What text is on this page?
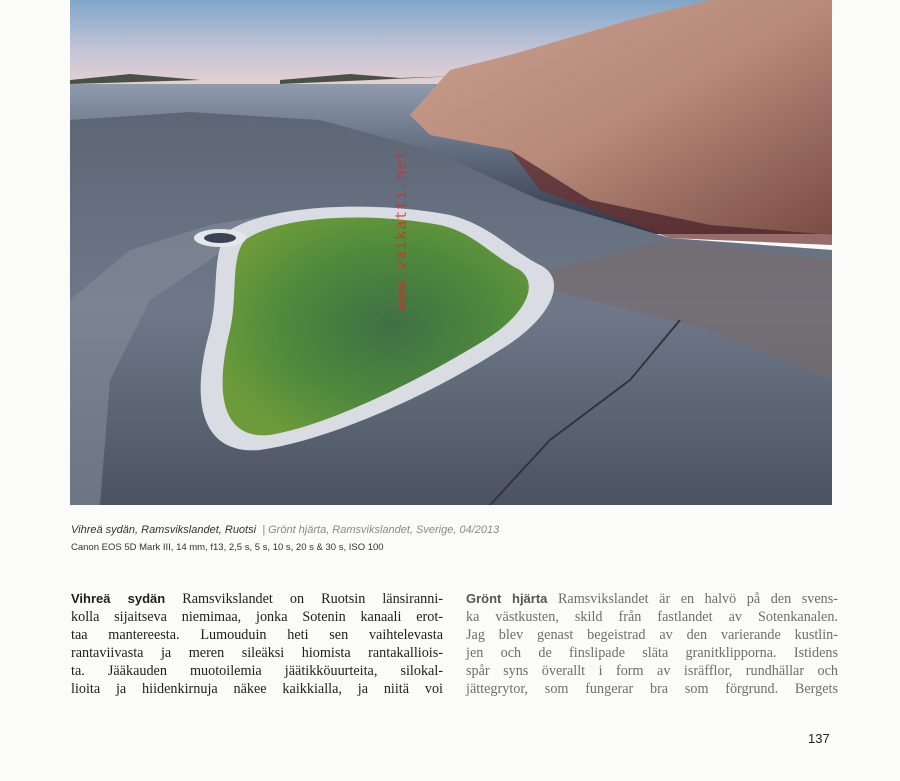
www.vaikatti.net
Vihreä sydän, Ramsvikslandet, Ruotsi | Grönt hjärta, Ramsvikslandet, Sverige, 04/2013
Canon EOS 5D Mark III, 14 mm, f13, 2,5 s, 5 s, 10 s, 20 s & 30 s, ISO 100
Vihreä sydän Ramsvikslandet on Ruotsin länsiranni-
kolla sijaitseva niemimaa, jonka Sotenin kanaali erot-
taa mantereesta. Lumouduin heti sen vaihtelevasta
rantaviivasta ja meren sileäksi hiomista rantakalliois-
ta. Jääkauden muotoilemia jäätikköuurteita, silokal-
lioita ja hiidenkirnuja näkee kaikkialla, ja niitä voi
Grönt hjärta Ramsvikslandet är en halvö på den svens-
ka västkusten, skild från fastlandet av Sotenkanalen.
Jag blev genast begeistrad av den varierande kustlin-
jen och de finslipade släta granitklipporna. Istidens
spår syns överallt i form av isräfflor, rundhällar och
jättegrytor, som fungerar bra som förgrund. Bergets
137
